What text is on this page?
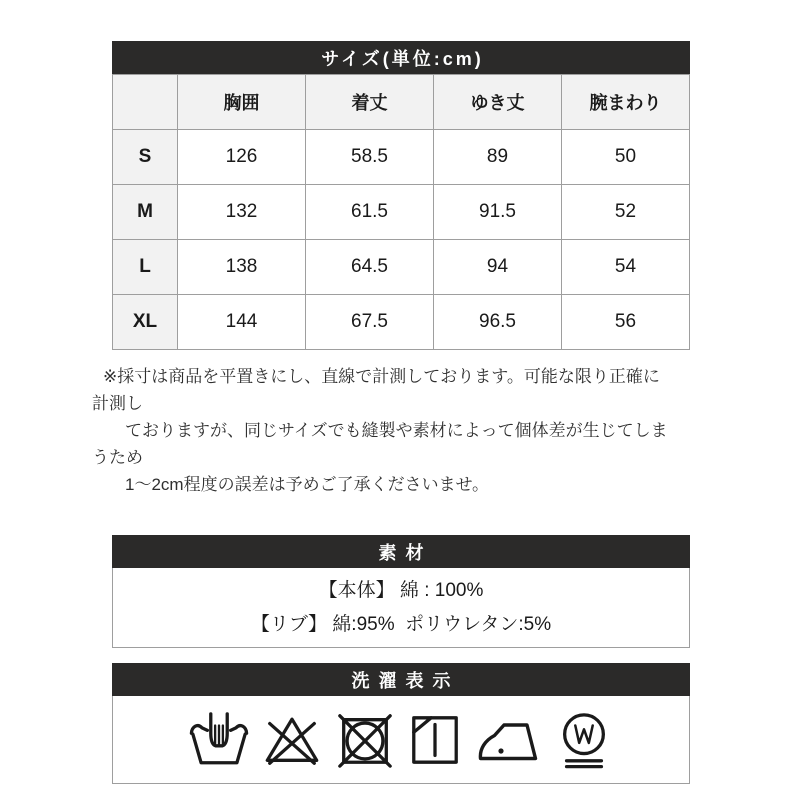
サイズ(単位:cm)
	胸囲	着丈	ゆき丈	腕まわり
S	126	58.5	89	50
M	132	61.5	91.5	52
L	138	64.5	94	54
XL	144	67.5	96.5	56
※採寸は商品を平置きにし、直線で計測しております。可能な限り正確に
計測し
ておりますが、同じサイズでも縫製や素材によって個体差が生じてしま
うため
1～2cm程度の誤差は予めご了承くださいませ。
素材
【本体】 綿 : 100%
【リブ】 綿:95%  ポリウレタン:5%
洗濯表示
